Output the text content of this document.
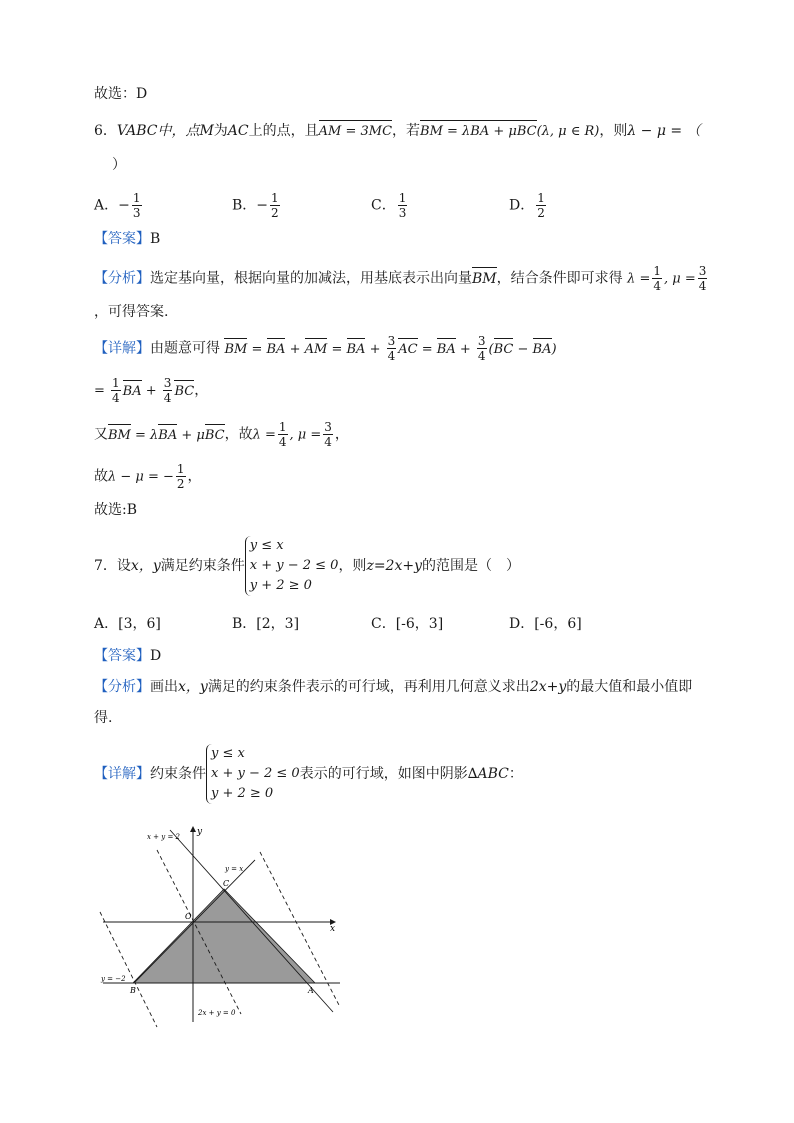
故选：D
6．VABC中，点M为AC上的点，且AM = 3MC，若BM = λBA + μBC(λ, μ ∈ R)，则λ − μ = （
）
A．− $\frac{1}{3}$	B．− $\frac{1}{2}$	C． $\frac{1}{3}$	D． $\frac{1}{2}$
【答案】B
【分析】选定基向量，根据向量的加减法，用基底表示出向量BM，结合条件即可求得 $\lambda = \frac{1}{4}$ , $\mu = \frac{3}{4}$
，可得答案.
【详解】由题意可得 BM = BA + AM = BA + $\frac{3}{4}$ AC = BA + $\frac{3}{4} (BC - BA)$
= $\frac{1}{4}$ BA + $\frac{3}{4}$ BC，
又BM = λBA + μBC，故$\lambda = \frac{1}{4}$ , $\mu = \frac{3}{4}$ ，
故λ − μ = − $\frac{1}{2}$ ，
故选:B
7．设x，y满足约束条件
y ≤ x
x + y − 2 ≤ 0
y + 2 ≥ 0
，则z=2x+y的范围是（　）
A．[3，6]	B．[2，3]	C．[-6，3]	D．[-6，6]
【答案】D
【分析】画出x，y满足的约束条件表示的可行域，再利用几何意义求出2x+y的最大值和最小值即
得.
【详解】约束条件
y ≤ x
x + y − 2 ≤ 0
y + 2 ≥ 0
表示的可行域，如图中阴影∆ABC：
x + y = 2
y = x
y = −2
2x + y = 0
x
y
O
A
B
C
